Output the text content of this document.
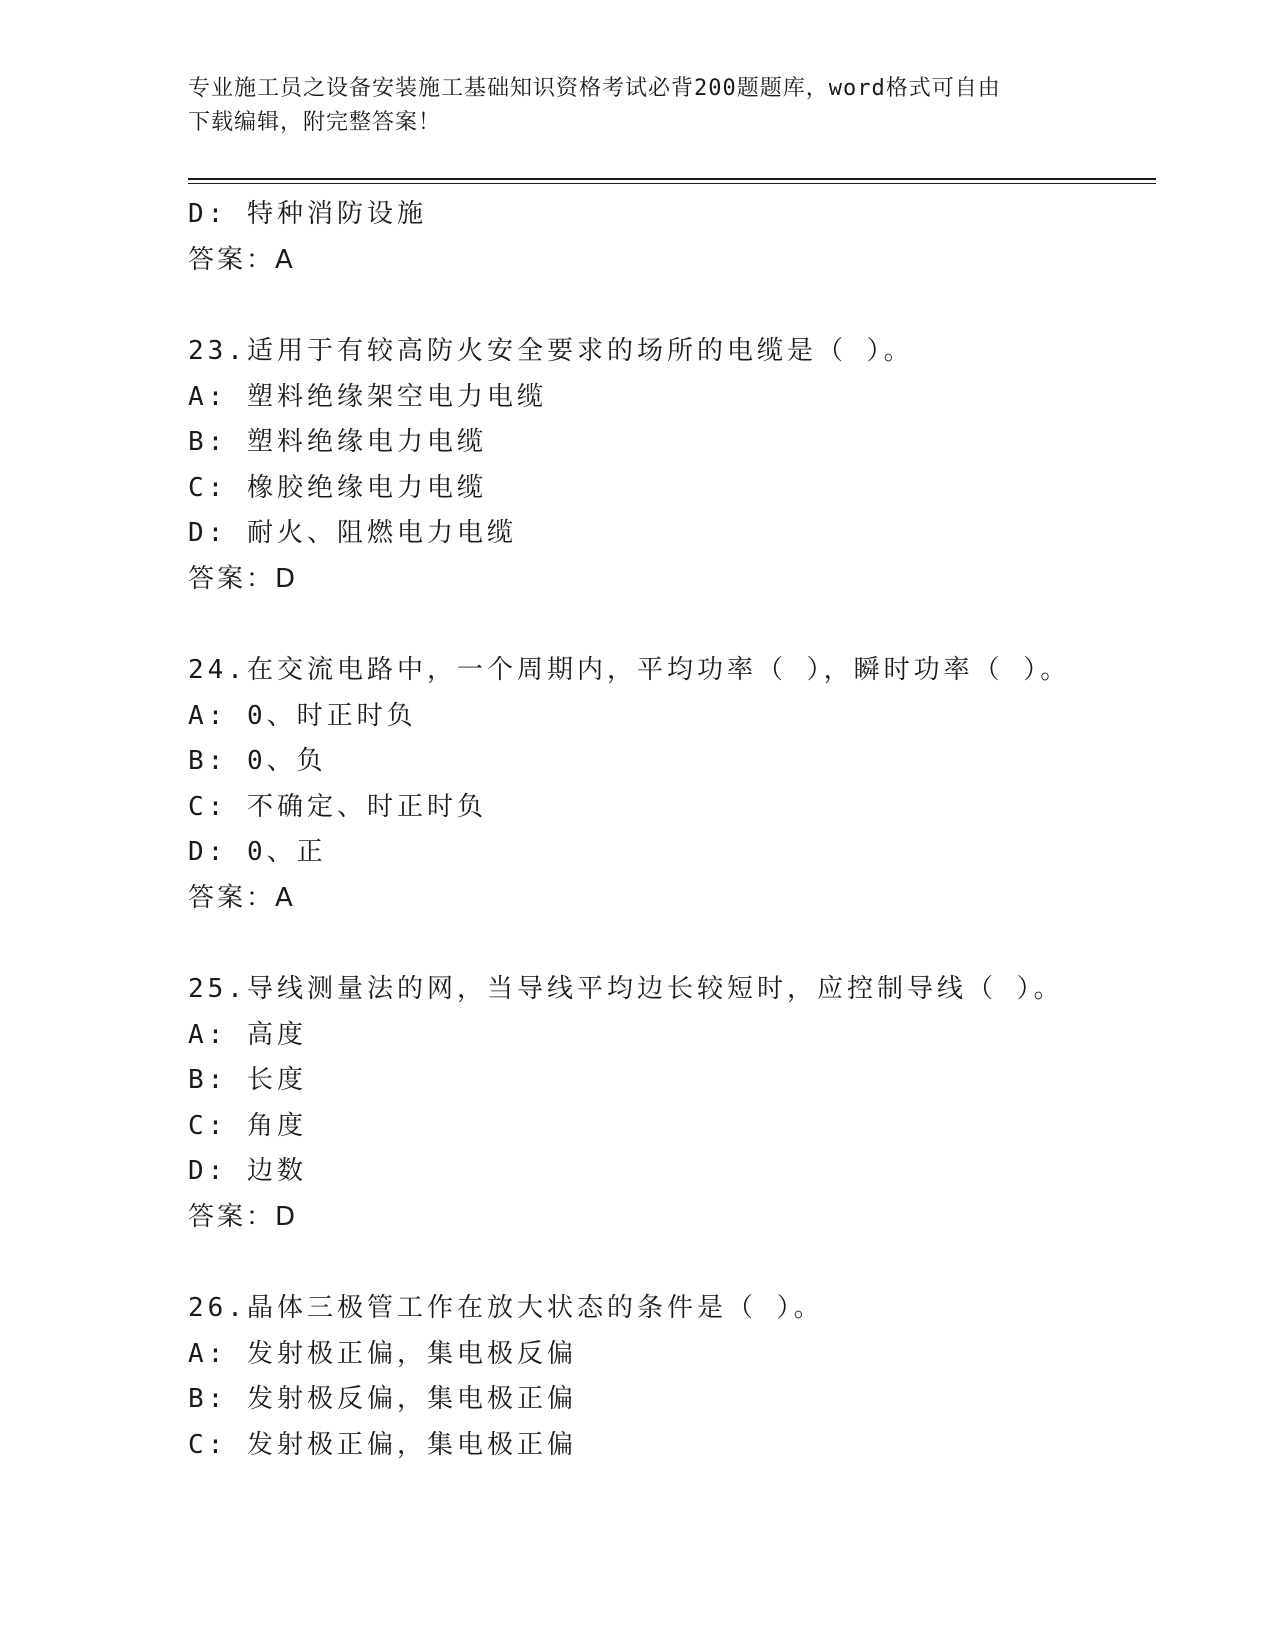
专业施工员之设备安装施工基础知识资格考试必背200题题库，word格式可自由
下载编辑，附完整答案！
D: 特种消防设施
答案：A
23.适用于有较高防火安全要求的场所的电缆是（ ）。
A: 塑料绝缘架空电力电缆
B: 塑料绝缘电力电缆
C: 橡胶绝缘电力电缆
D: 耐火、阻燃电力电缆
答案：D
24.在交流电路中，一个周期内，平均功率（ ），瞬时功率（ ）。
A: 0、时正时负
B: 0、负
C: 不确定、时正时负
D: 0、正
答案：A
25.导线测量法的网，当导线平均边长较短时，应控制导线（ ）。
A: 高度
B: 长度
C: 角度
D: 边数
答案：D
26.晶体三极管工作在放大状态的条件是（ ）。
A: 发射极正偏，集电极反偏
B: 发射极反偏，集电极正偏
C: 发射极正偏，集电极正偏
